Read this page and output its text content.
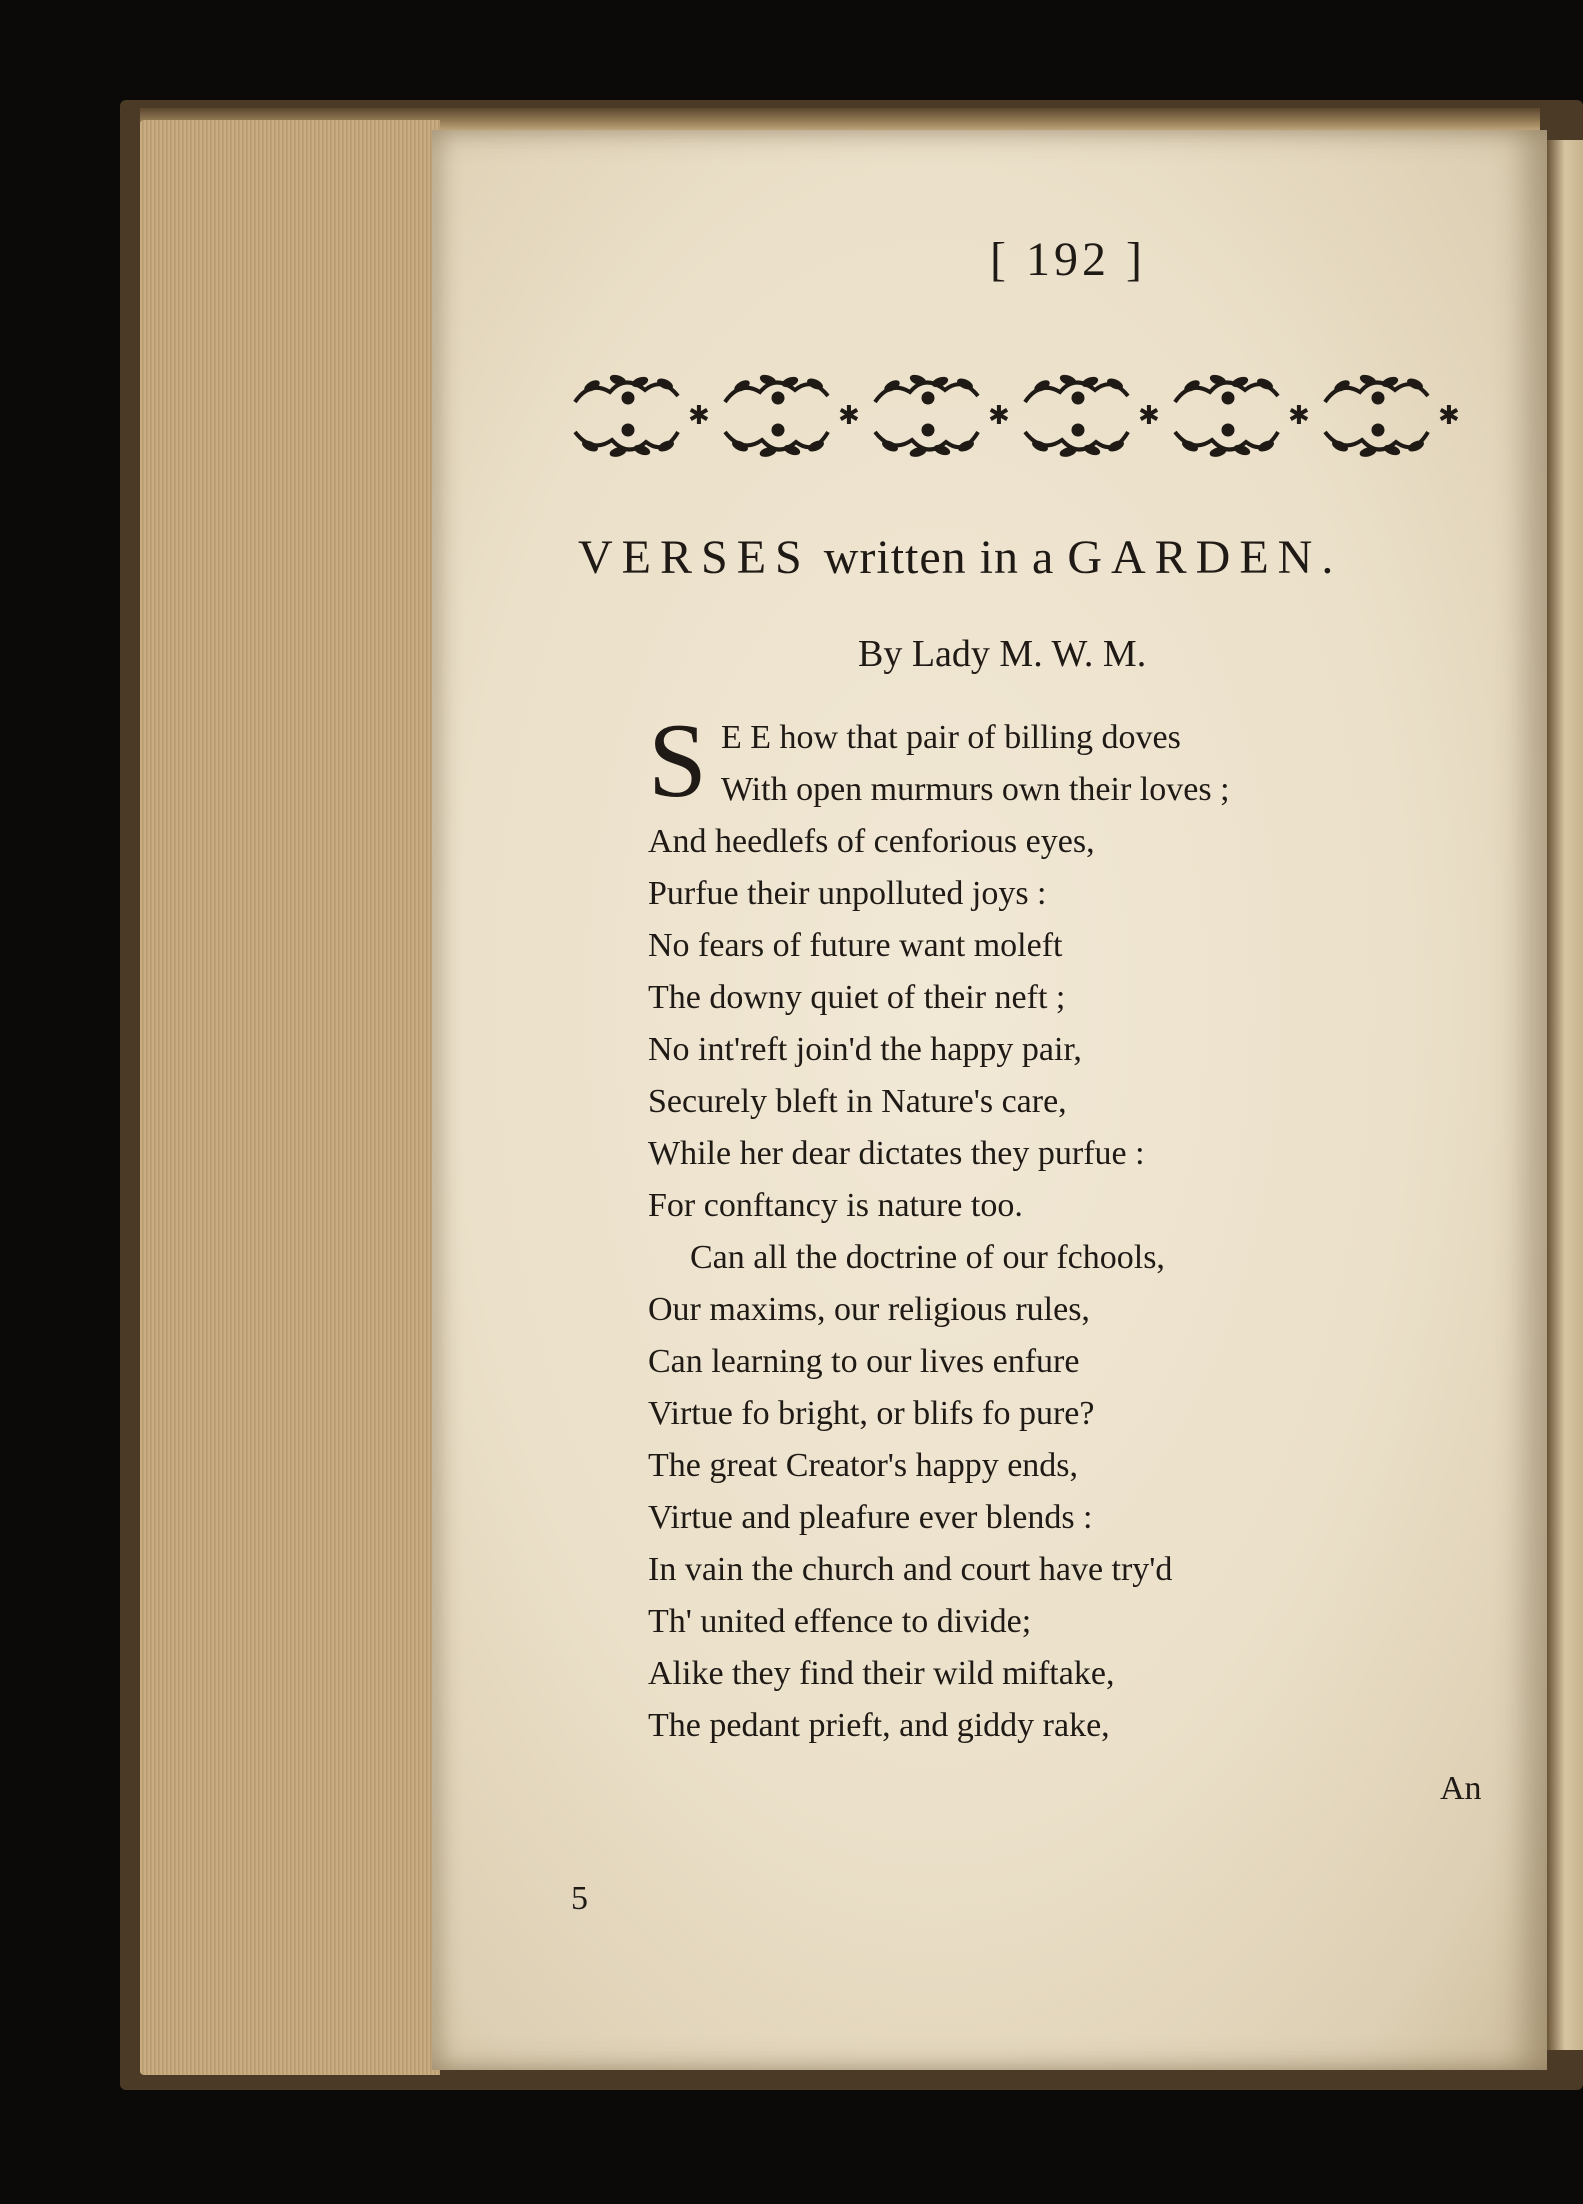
[ 192 ]
✱
VERSES written in a GARDEN.
By Lady M. W. M.
S E E how that pair of billing doves
With open murmurs own their loves ;
And heedlefs of cenforious eyes,
Purfue their unpolluted joys :
No fears of future want moleft
The downy quiet of their neft ;
No int'reft join'd the happy pair,
Securely bleft in Nature's care,
While her dear dictates they purfue :
For conftancy is nature too.
Can all the doctrine of our fchools,
Our maxims, our religious rules,
Can learning to our lives enfure
Virtue fo bright, or blifs fo pure?
The great Creator's happy ends,
Virtue and pleafure ever blends :
In vain the church and court have try'd
Th' united effence to divide;
Alike they find their wild miftake,
The pedant prieft, and giddy rake,
An
5
